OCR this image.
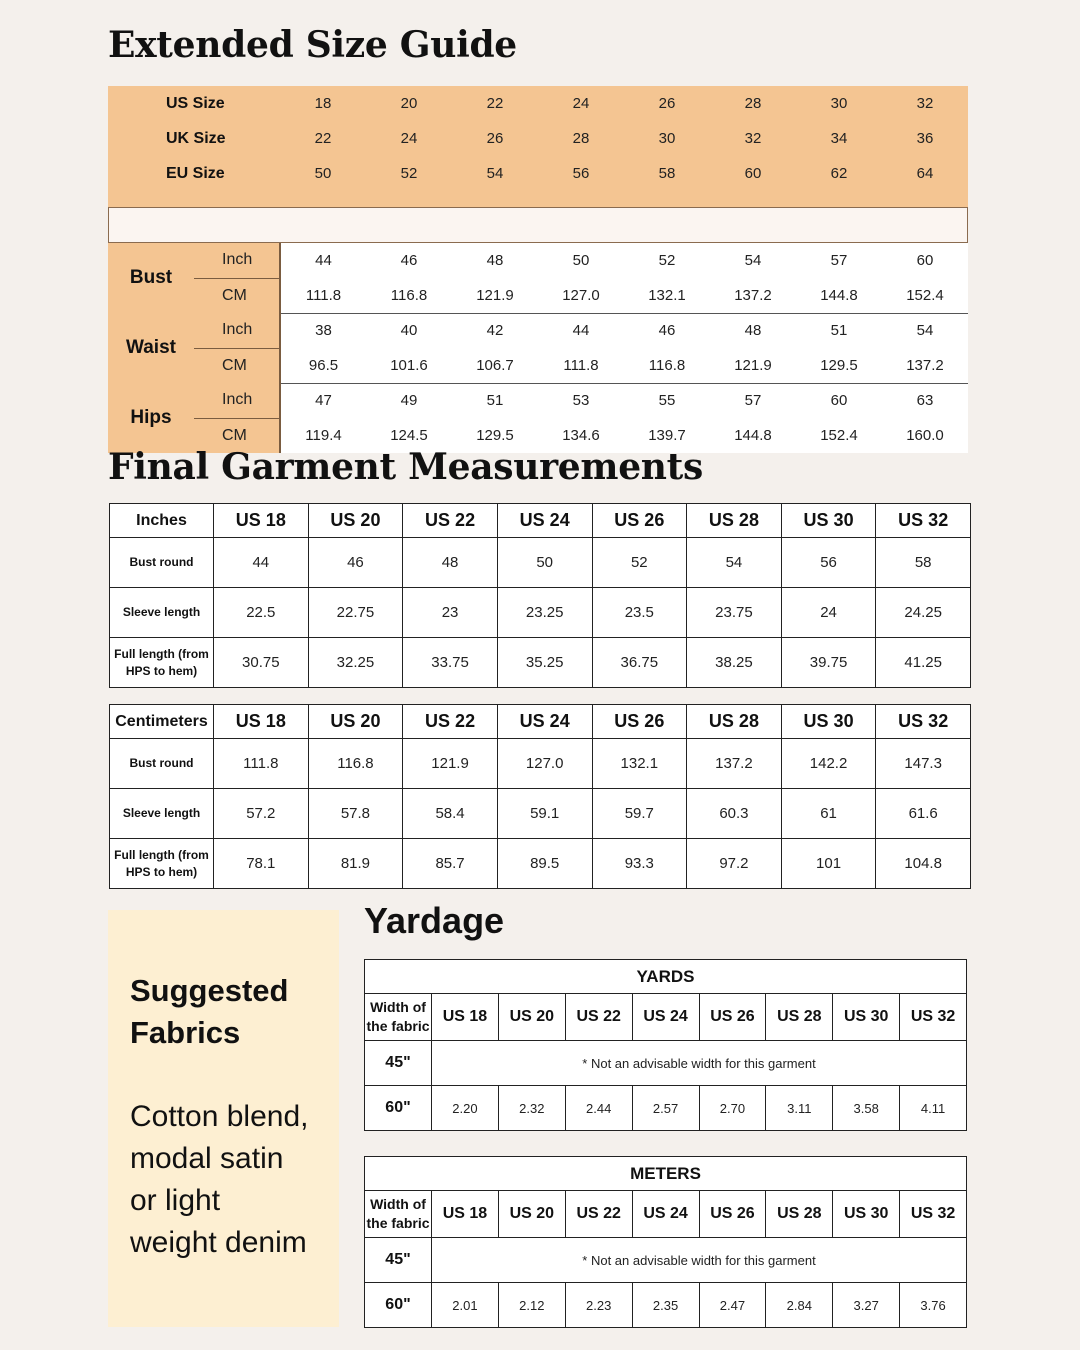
Extended Size Guide
US Size		18	20	22	24	26	28	30	32
UK Size		22	24	26	28	30	32	34	36
EU Size		50	52	54	56	58	60	62	64

Bust	Inch	44	46	48	50	52	54	57	60
	CM	111.8	116.8	121.9	127.0	132.1	137.2	144.8	152.4
Waist	Inch	38	40	42	44	46	48	51	54
	CM	96.5	101.6	106.7	111.8	116.8	121.9	129.5	137.2
Hips	Inch	47	49	51	53	55	57	60	63
	CM	119.4	124.5	129.5	134.6	139.7	144.8	152.4	160.0
Final Garment Measurements
Inches	US 18	US 20	US 22	US 24	US 26	US 28	US 30	US 32
Bust round	44	46	48	50	52	54	56	58
Sleeve length	22.5	22.75	23	23.25	23.5	23.75	24	24.25

Full length (from
HPS to hem)	30.75	32.25	33.75	35.25	36.75	38.25	39.75	41.25
Centimeters	US 18	US 20	US 22	US 24	US 26	US 28	US 30	US 32
Bust round	111.8	116.8	121.9	127.0	132.1	137.2	142.2	147.3
Sleeve length	57.2	57.8	58.4	59.1	59.7	60.3	61	61.6

Full length (from
HPS to hem)	78.1	81.9	85.7	89.5	93.3	97.2	101	104.8
Suggested
Fabrics
Cotton blend,
modal satin
or light
weight denim
Yardage
YARDS								

Width of
the fabric	US 18	US 20	US 22	US 24	US 26	US 28	US 30	US 32
45"	* Not an advisable width for this garment							
60"	2.20	2.32	2.44	2.57	2.70	3.11	3.58	4.11
METERS								

Width of
the fabric	US 18	US 20	US 22	US 24	US 26	US 28	US 30	US 32
45"	* Not an advisable width for this garment							
60"	2.01	2.12	2.23	2.35	2.47	2.84	3.27	3.76
